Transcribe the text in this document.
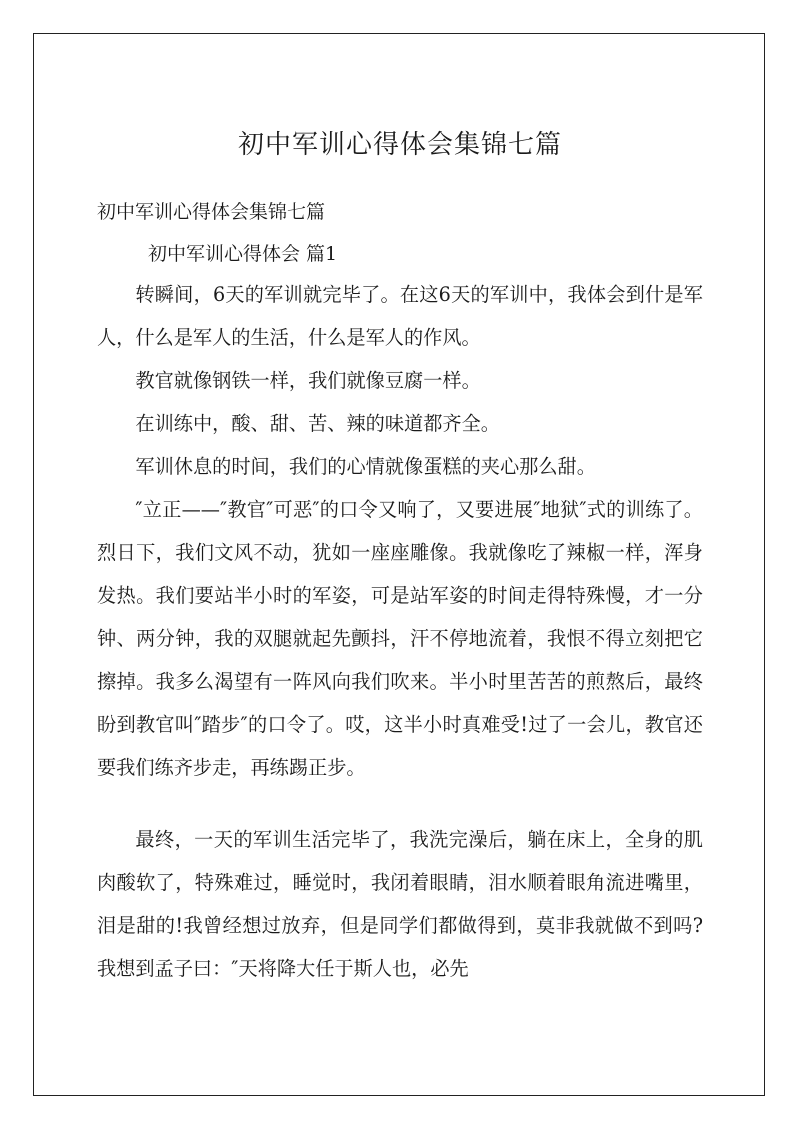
初中军训心得体会集锦七篇

初中军训心得体会集锦七篇

初中军训心得体会 篇1

转瞬间，6天的军训就完毕了。在这6天的军训中，我体会到什是军人，什么是军人的生活，什么是军人的作风。

教官就像钢铁一样，我们就像豆腐一样。

在训练中，酸、甜、苦、辣的味道都齐全。

军训休息的时间，我们的心情就像蛋糕的夹心那么甜。

″立正——″教官″可恶″的口令又响了，又要进展″地狱″式的训练了。烈日下，我们文风不动，犹如一座座雕像。我就像吃了辣椒一样，浑身发热。我们要站半小时的军姿，可是站军姿的时间走得特殊慢，才一分钟、两分钟，我的双腿就起先颤抖，汗不停地流着，我恨不得立刻把它擦掉。我多么渴望有一阵风向我们吹来。半小时里苦苦的煎熬后，最终盼到教官叫″踏步″的口令了。哎，这半小时真难受!过了一会儿，教官还要我们练齐步走，再练踢正步。

最终，一天的军训生活完毕了，我洗完澡后，躺在床上，全身的肌肉酸软了，特殊难过，睡觉时，我闭着眼睛，泪水顺着眼角流进嘴里，泪是甜的!我曾经想过放弃，但是同学们都做得到，莫非我就做不到吗?我想到孟子曰：″天将降大任于斯人也，必先
